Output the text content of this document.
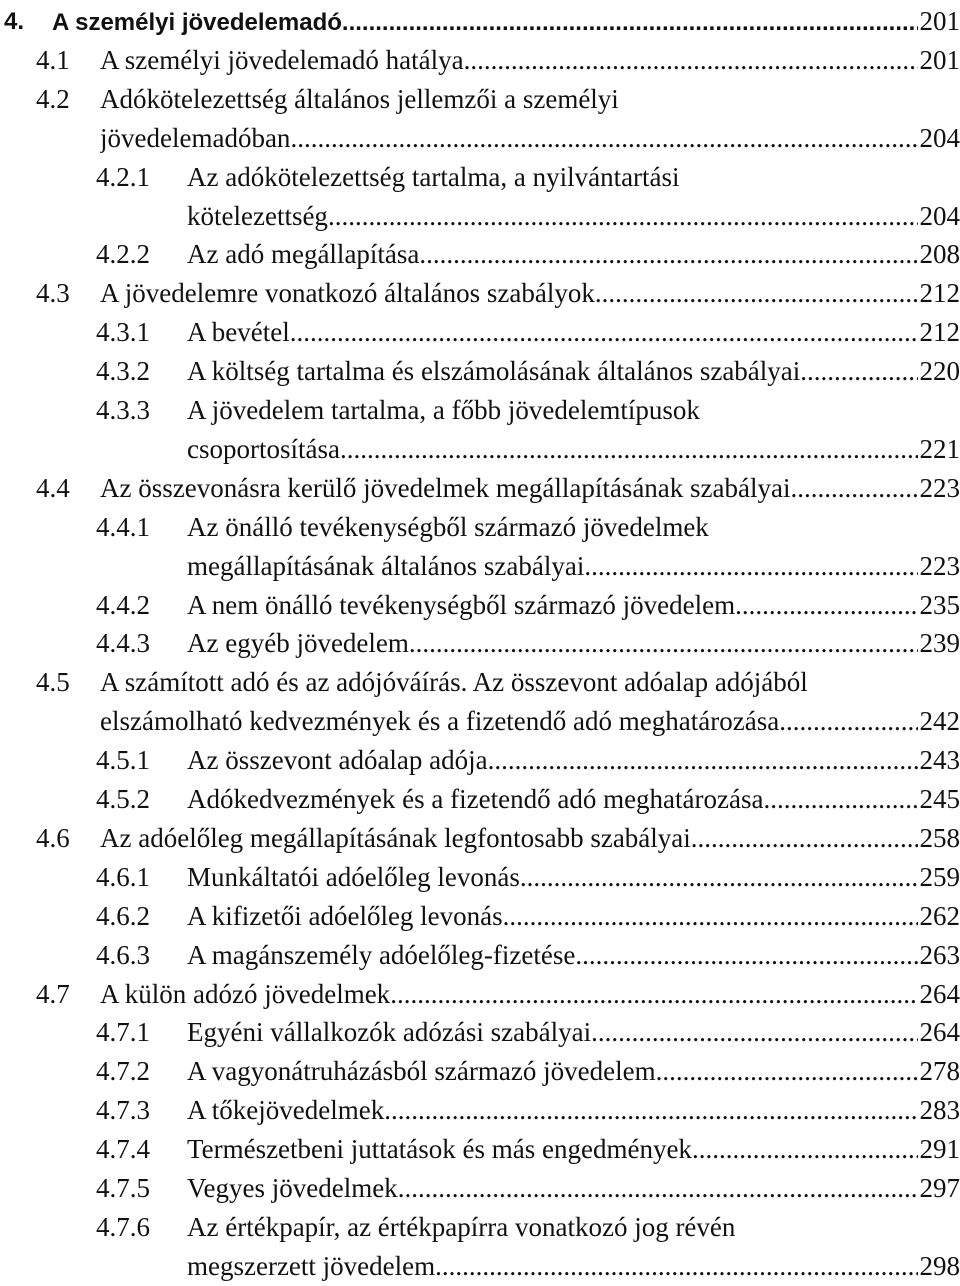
4. A személyi jövedelemadó .....	201
4.1 A személyi jövedelemadó hatálya .....	201
4.2 Adókötelezettség általános jellemzői a személyi
jövedelemadóban .....	204
4.2.1 Az adókötelezettség tartalma, a nyilvántartási
kötelezettség .....	204
4.2.2 Az adó megállapítása .....	208
4.3 A jövedelemre vonatkozó általános szabályok .....	212
4.3.1 A bevétel .....	212
4.3.2 A költség tartalma és elszámolásának általános szabályai .....	220
4.3.3 A jövedelem tartalma, a főbb jövedelemtípusok
csoportosítása .....	221
4.4 Az összevonásra kerülő jövedelmek megállapításának szabályai .....	223
4.4.1 Az önálló tevékenységből származó jövedelmek
megállapításának általános szabályai .....	223
4.4.2 A nem önálló tevékenységből származó jövedelem .....	235
4.4.3 Az egyéb jövedelem .....	239
4.5 A számított adó és az adójóváírás. Az összevont adóalap adójából
elszámolható kedvezmények és a fizetendő adó meghatározása .....	242
4.5.1 Az összevont adóalap adója .....	243
4.5.2 Adókedvezmények és a fizetendő adó meghatározása .....	245
4.6 Az adóelőleg megállapításának legfontosabb szabályai .....	258
4.6.1 Munkáltatói adóelőleg levonás .....	259
4.6.2 A kifizetői adóelőleg levonás .....	262
4.6.3 A magánszemély adóelőleg-fizetése .....	263
4.7 A külön adózó jövedelmek .....	264
4.7.1 Egyéni vállalkozók adózási szabályai .....	264
4.7.2 A vagyonátruházásból származó jövedelem .....	278
4.7.3 A tőkejövedelmek .....	283
4.7.4 Természetbeni juttatások és más engedmények .....	291
4.7.5 Vegyes jövedelmek .....	297
4.7.6 Az értékpapír, az értékpapírra vonatkozó jog révén
megszerzett jövedelem .....	298
